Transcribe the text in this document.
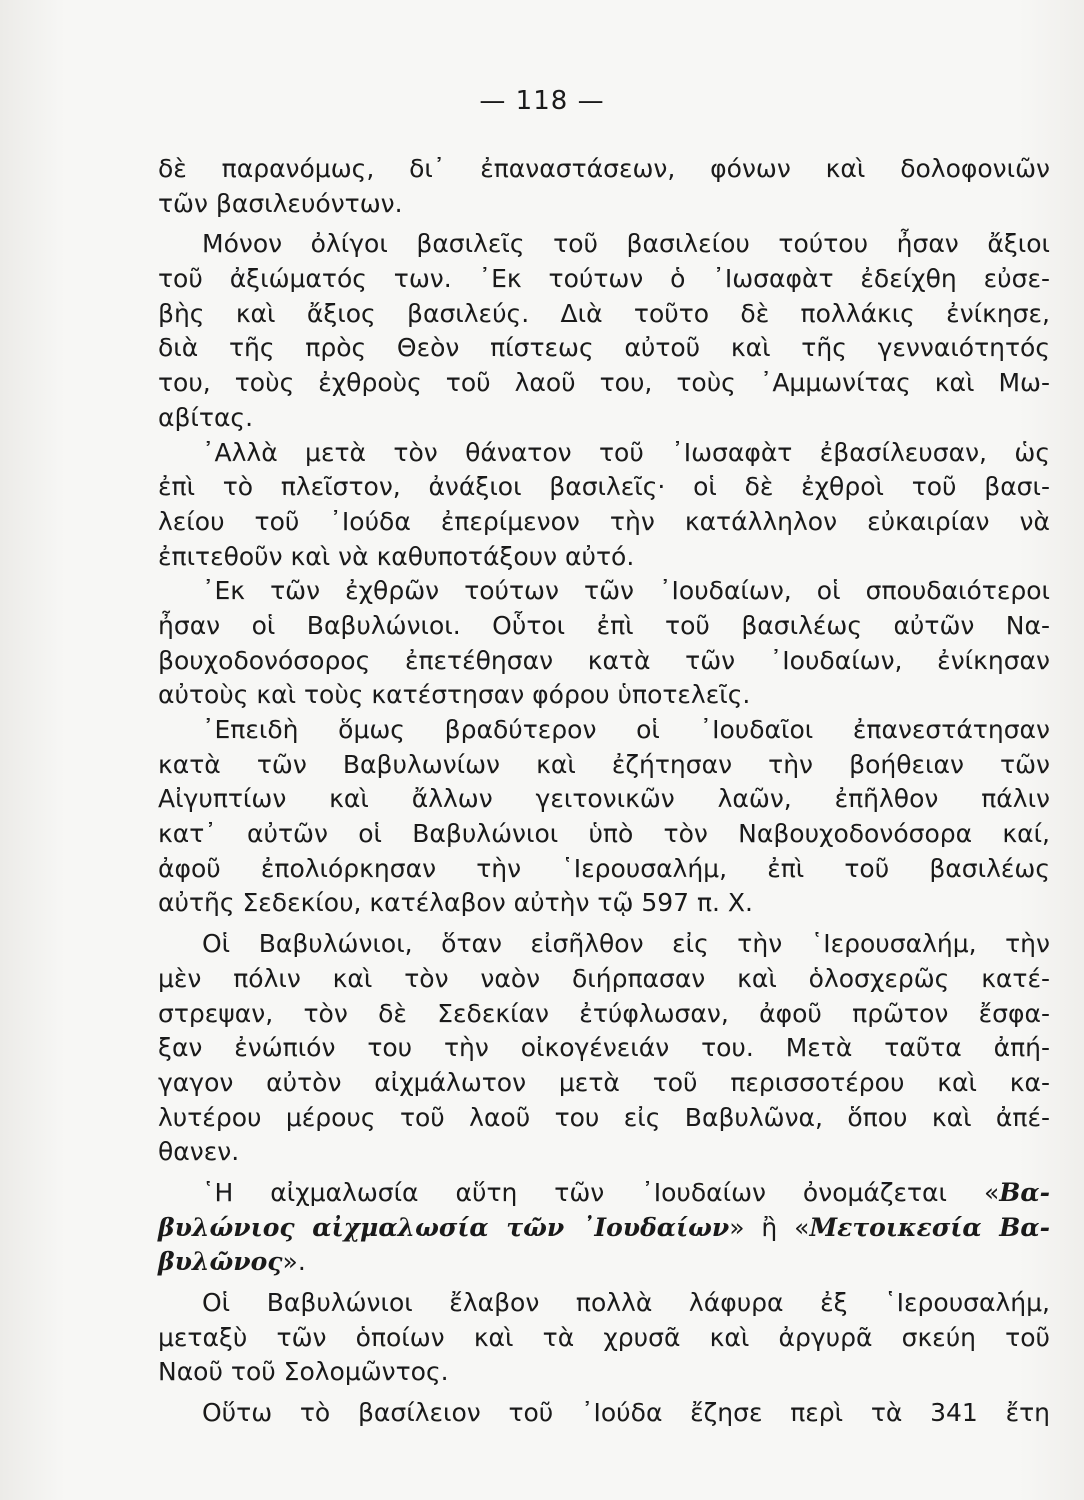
— 118 —
δὲ παρανόμως, δι᾽ ἐπαναστάσεων, φόνων καὶ δολοφονιῶν
τῶν βασιλευόντων.
Μόνον ὀλίγοι βασιλεῖς τοῦ βασιλείου τούτου ἦσαν ἄξιοι
τοῦ ἀξιώματός των. ᾿Εκ τούτων ὁ ᾿Ιωσαφὰτ ἐδείχθη εὐσε-
βὴς καὶ ἄξιος βασιλεύς. Διὰ τοῦτο δὲ πολλάκις ἐνίκησε,
διὰ τῆς πρὸς Θεὸν πίστεως αὐτοῦ καὶ τῆς γενναιότητός
του, τοὺς ἐχθροὺς τοῦ λαοῦ του, τοὺς ᾿Αμμωνίτας καὶ Μω-
αβίτας.
᾿Αλλὰ μετὰ τὸν θάνατον τοῦ ᾿Ιωσαφὰτ ἐβασίλευσαν, ὡς
ἐπὶ τὸ πλεῖστον, ἀνάξιοι βασιλεῖς· οἱ δὲ ἐχθροὶ τοῦ βασι-
λείου τοῦ ᾿Ιούδα ἐπερίμενον τὴν κατάλληλον εὐκαιρίαν νὰ
ἐπιτεθοῦν καὶ νὰ καθυποτάξουν αὐτό.
᾿Εκ τῶν ἐχθρῶν τούτων τῶν ᾿Ιουδαίων, οἱ σπουδαιότεροι
ἦσαν οἱ Βαβυλώνιοι. Οὗτοι ἐπὶ τοῦ βασιλέως αὐτῶν Να-
βουχοδονόσορος ἐπετέθησαν κατὰ τῶν ᾿Ιουδαίων, ἐνίκησαν
αὐτοὺς καὶ τοὺς κατέστησαν φόρου ὑποτελεῖς.
᾿Επειδὴ ὅμως βραδύτερον οἱ ᾿Ιουδαῖοι ἐπανεστάτησαν
κατὰ τῶν Βαβυλωνίων καὶ ἐζήτησαν τὴν βοήθειαν τῶν
Αἰγυπτίων καὶ ἄλλων γειτονικῶν λαῶν, ἐπῆλθον πάλιν
κατ᾽ αὐτῶν οἱ Βαβυλώνιοι ὑπὸ τὸν Ναβουχοδονόσορα καί,
ἀφοῦ ἐπολιόρκησαν τὴν ῾Ιερουσαλήμ, ἐπὶ τοῦ βασιλέως
αὐτῆς Σεδεκίου, κατέλαβον αὐτὴν τῷ 597 π. Χ.
Οἱ Βαβυλώνιοι, ὅταν εἰσῆλθον εἰς τὴν ῾Ιερουσαλήμ, τὴν
μὲν πόλιν καὶ τὸν ναὸν διήρπασαν καὶ ὁλοσχερῶς κατέ-
στρεψαν, τὸν δὲ Σεδεκίαν ἐτύφλωσαν, ἀφοῦ πρῶτον ἔσφα-
ξαν ἐνώπιόν του τὴν οἰκογένειάν του. Μετὰ ταῦτα ἀπή-
γαγον αὐτὸν αἰχμάλωτον μετὰ τοῦ περισσοτέρου καὶ κα-
λυτέρου μέρους τοῦ λαοῦ του εἰς Βαβυλῶνα, ὅπου καὶ ἀπέ-
θανεν.
῾Η αἰχμαλωσία αὕτη τῶν ᾿Ιουδαίων ὀνομάζεται «Βα-
βυλώνιος αἰχμαλωσία τῶν ᾿Ιουδαίων» ἢ «Μετοικεσία Βα-
βυλῶνος».
Οἱ Βαβυλώνιοι ἔλαβον πολλὰ λάφυρα ἐξ ῾Ιερουσαλήμ,
μεταξὺ τῶν ὁποίων καὶ τὰ χρυσᾶ καὶ ἀργυρᾶ σκεύη τοῦ
Ναοῦ τοῦ Σολομῶντος.
Οὕτω τὸ βασίλειον τοῦ ᾿Ιούδα ἔζησε περὶ τὰ 341 ἔτη
